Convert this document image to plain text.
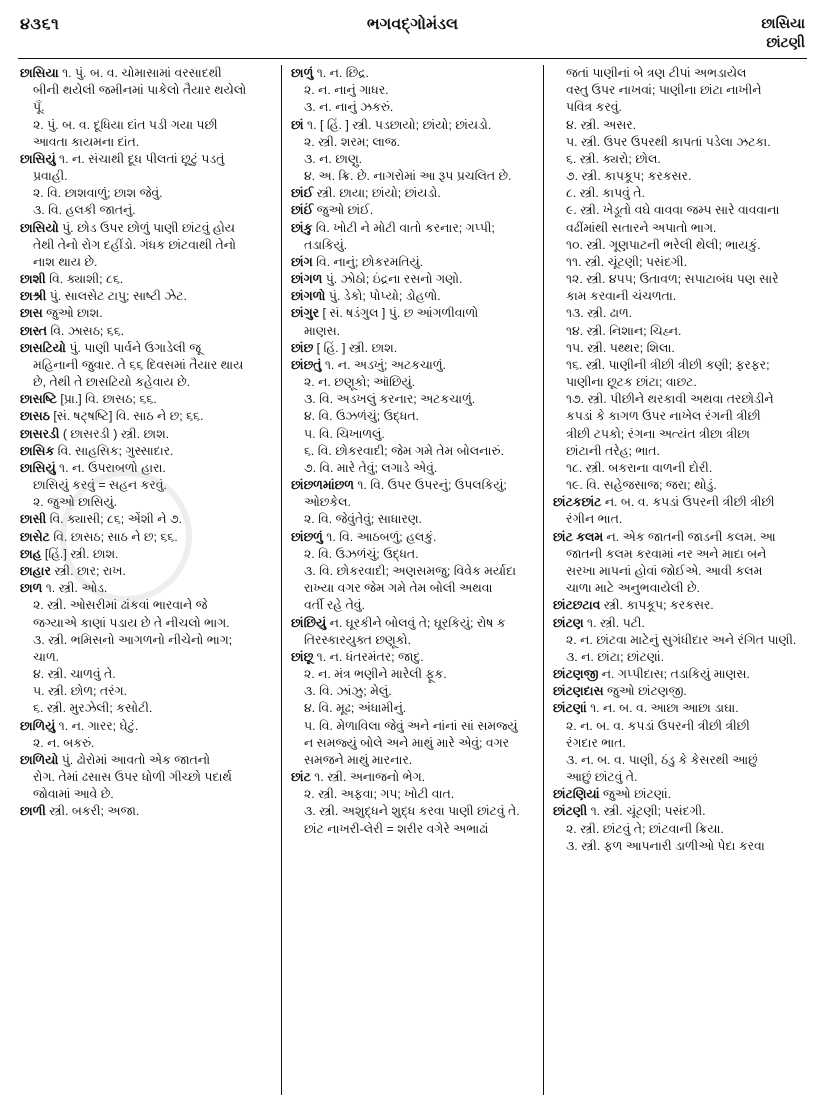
૪૩૬૧	ભગવદ્ગોમંડલ	છાસિયા
છાંટણી

છાસિયા ૧. પું. બ. વ. ચોમાસામાં વરસાદથી

બીની થયેલી જમીનમાં પાકેલો તૈયાર થયેલો

પૂઁ.

૨. પું. બ. વ. દૂધિયા દાંત પડી ગયા પછી

આવતા કાયમના દાંત.

છાસિયું ૧. ન. સંચાથી દૂધ પીલતાં છૂટું પડતું

પ્રવાહી.

૨. વિ. છાશવાળું; છાશ જેવું.

૩. વિ. હલકી જાતનું.

છાસિયો પું. છોડ ઉપર છોળું પાણી છાંટવું હોય

તેથી તેનો રોગ દહીંડો. ગંધક છાંટવાથી તેનો

નાશ થાય છે.

છાશી વિ. ક્યાશી; ૮૬.

છાશ્રી પું. સાલસેટ ટાપુ; સાષ્ટી ઝેટ.

છાસ જુઓ છાશ.

છાસ્ત વિ. ઝાસઠ; ૬૬.

છાસટિયો પું. પાણી પાર્વને ઉગાડેલી જૂ

મહિનાની જુવાર. તે ૬૬ દિવસમાં તૈયાર થાય

છે, તેથી તે છાસટિયો કહેવાય છે.

છાસષ્ટિ [પ્રા.] વિ. છાસઠ; ૬૬.

છાસઠ [સં. ષટ્‌ષષ્ટિ] વિ. સાઠ ને છ; ૬૬.

છાસરડી ( છાસરડી ) સ્ત્રી. છાશ.

છાસિક વિ. સાહસિક; ગુસ્સાદાર.

છાસિયું ૧. ન. ઉપરાબળો હારા.

છાસિયું કરવું = સહન કરવું.

૨. જુઓ છાસિયું.

છાસી વિ. ક્યાસી; ૮૬; એંશી ને ૭.

છાસેટ વિ. છાસઠ; સાઠ ને છ; ૬૬.

છાહ [હિં.] સ્ત્રી. છાશ.

છાહાર સ્ત્રી. છાર; રાખ.

છાળ ૧. સ્ત્રી. ઓડ.

૨. સ્ત્રી. ઓસરીમાં ઢાંકવાં ભારવાને જે

જગ્યાએ કાણાં પડાય છે તે નીચલો ભાગ.

૩. સ્ત્રી. ભમિસનો આગળનો નીચેનો ભાગ;

ચાળ.

૪. સ્ત્રી. ચાળવું તે.

૫. સ્ત્રી. છોળ; તરંગ.

૬. સ્ત્રી. મુરઝેલી; કસોટી.

છાળિયું ૧. ન. ગારર; ઘેટું.

૨. ન. બકરું.

છાળિયો પું. ઢોરોમાં આવતો એક જાતનો

રોગ. તેમાં ઢસાસ ઉપર ધોળી ગીચ્છો પદાર્થ

જોવામાં આવે છે.

છાળી સ્ત્રી. બકરી; અજા.

છાળું ૧. ન. છિદ્ર.

૨. ન. નાનું ગાધર.

૩. ન. નાનું ઝકરું.

છાં ૧. [ હિં. ] સ્ત્રી. પડછાયો; છાંયો; છાંયડો.

૨. સ્ત્રી. શરમ; લાજ.

૩. ન. છાણુ.

૪. અ. ક્રિ. છે. નાગરોમાં આ રૂપ પ્રચલિત છે.

છાંઈ સ્ત્રી. છાયા; છાંયો; છાંયડો.

છાંઈં જુઓ છાંઈ.

છાંકુ વિ. ખોટી ને મોટી વાતો કરનાર; ગપ્પી;

તડાકિયું.

છાંગ વિ. નાનું; છોકરમતિયું.

છાંગળ પું. ઝોઠો; ઇંદ્રના રસનો ગણો.

છાંગળો પું. ડેકો; પોપ્યો; ડોહળો.

છાંગુર [ સં. ષડંગુલ ] પું. છ આંગળીવાળો

માણસ.

છાંછ [ હિં. ] સ્ત્રી. છાશ.

છાંછતું ૧. ન. અડખું; અટકચાળું.

૨. ન. છણૂકો; ઑછિયું.

૩. વિ. અડખલું કરનાર; અટકચાળું.

૪. વિ. ઉઝળંચું; ઉદ્ધત.

૫. વિ. ચિખાળલું.

૬. વિ. છોકરવાદી; જેમ ગમે તેમ બોલનારું.

૭. વિ. મારે તેવું; લગાડે એવું.

છાંછળમાંછળ ૧. વિ. ઉપર ઉપરનું; ઉપલકિયું;

ઓછકેલ.

૨. વિ. જેવુંતેવું; સાધારણ.

છાંછળું ૧. વિ. આઠબળું; હલકું.

૨. વિ. ઉઝળંચું; ઉદ્ધત.

૩. વિ. છોકરવાદી; અણસમજુ; વિવેક મર્યાદા

રાખ્યા વગર જેમ ગમે તેમ બોલી અથવા

વર્તી રહે તેવું.

છાંછિયું ન. ઘૂરકીને બોલવું તે; ઘૂરકિયું; રોષ ક

તિરસ્કારયુક્ત છણૂકો.

છાંછૂ ૧. ન. ધંતરમંતર; જાદુ.

૨. ન. મંત્ર ભણીને મારેલી ફૂક.

૩. વિ. ઝાંઝુ; મેલું.

૪. વિ. મૂઢ; અંધામીનું.

૫. વિ. મેળાવિલા જેવું અને નાંનાં સાં સમજ્યું

ન સમજ્યું બોલે અને માથું મારે એવું; વગર

સમજને માથું મારનાર.

છાંટ ૧. સ્ત્રી. અનાજનો ભેગ.

૨. સ્ત્રી. અફવા; ગપ; ખોટી વાત.

૩. સ્ત્રી. અશુદ્ધને શુદ્ધ કરવા પાણી છાંટવું તે.

છાંટ નાખરી-લેરી = શરીર વગેરે અભાઢાં

જતાં પાણીનાં બે ત્રણ ટીપાં અભડાયેલ

વસ્તુ ઉપર નાખવાં; પાણીના છાંટા નાખીને

પવિત્ર કરવું.

૪. સ્ત્રી. અસર.

૫. સ્ત્રી. ઉપર ઉપરથી કાપતાં પડેલા ઝટકા.

૬. સ્ત્રી. ક્યરો; છોલ.

૭. સ્ત્રી. કાપકૂપ; કરકસર.

૮. સ્ત્રી. કાપવું તે.

૯. સ્ત્રી. ખેડૂતો વઘે વાવવા જમ્પ સારે વાવવાના

વઢીંમાંથી સતારને અપાતો ભાગ.

૧૦. સ્ત્રી. ગૂણપાટની ભરેલી થેલી; ભાયકું.

૧૧. સ્ત્રી. ચૂંટણી; પસંદગી.

૧૨. સ્ત્રી. ૪૫૫; ઉતાવળ; સપાટાબંધ પણ સારે

કામ કરવાની ચંચળતા.

૧૩. સ્ત્રી. ઢાળ.

૧૪. સ્ત્રી. નિશાન; ચિહ્ન.

૧૫. સ્ત્રી. પથ્થર; શિલા.

૧૬. સ્ત્રી. પાણીની ત્રીછી ત્રીછી કણી; ફરફર;

પાણીના છૂટક છાંટા; વાછટ.

૧૭. સ્ત્રી. પીછીને થરકાવી અથવા તરછોડીને

કપડાં કે કાગળ ઉપર નાખેલ રંગની ત્રીછી

ત્રીછી ટપકો; રંગના અત્યંત ત્રીછા ત્રીછા

છાંટાની તરેહ; ભાત.

૧૮. સ્ત્રી. બકરાના વાળની દોરી.

૧૯. વિ. સહેજસાજ; જરા; થોડું.

છાંટકછાંટ ન. બ. વ. કપડાં ઉપરની ત્રીછી ત્રીછી

રંગીન ભાત.

છાંટ કલમ ન. એક જાતની જાડની કલમ. આ

જાતની કલમ કરવામાં નર અને માદા બને

સરખા માપનાં હોવાં જોઈએ. આવી કલમ

ચાળા માટે અનુભવાયેલી છે.

છાંટછટાવ સ્ત્રી. કાપકૂપ; કરકસર.

છાંટણ ૧. સ્ત્રી. પટી.

૨. ન. છાંટવા માટેનું સુગંધીદાર અને રંગિત પાણી.

૩. ન. છાંટા; છાંટણાં.

છાંટણજી ન. ગપ્પીદાસ; તડાકિયું માણસ.

છાંટણદાસ જુઓ છાંટણજી.

છાંટણાં ૧. ન. બ. વ. આછા આછા ડાઘા.

૨. ન. બ. વ. કપડાં ઉપરની ત્રીછી ત્રીછી

રંગદાર ભાત.

૩. ન. બ. વ. પાણી, ઠંડુ કે કેસરથી આછું

આછું છાંટવું તે.

છાંટણિયાં જુઓ છાંટણાં.

છાંટણી ૧. સ્ત્રી. ચૂંટણી; પસંદગી.

૨. સ્ત્રી. છાંટવું તે; છાંટવાની ક્રિયા.

૩. સ્ત્રી. ફળ આપનારી ડાળીઓ પેદા કરવા
